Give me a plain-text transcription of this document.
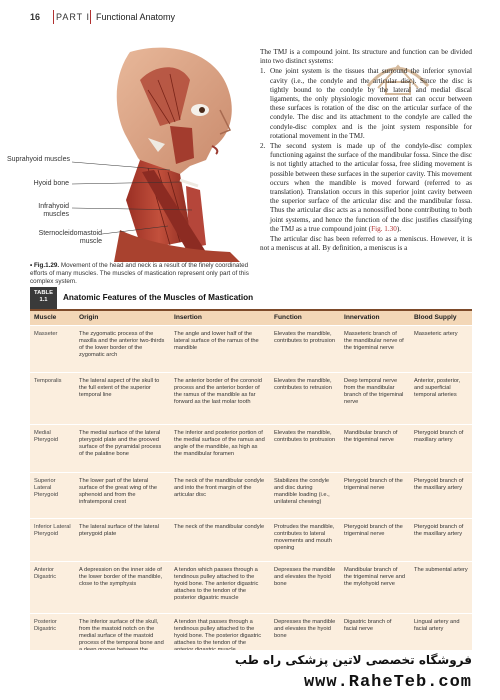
16 PART I Functional Anatomy
Suprahyoid muscles
Hyoid bone
Infrahyoid muscles
Sternocleidomastoid muscle
• Fig.1.29. Movement of the head and neck is a result of the finely coordinated efforts of many muscles. The muscles of mastication represent only part of this complex system.

The TMJ is a compound joint. Its structure and function can be divided into two distinct systems:

1. One joint system is the tissues that surround the inferior synovial cavity (i.e., the condyle and the articular disc). Since the disc is tightly bound to the condyle by the lateral and medial discal ligaments, the only physiologic movement that can occur between these surfaces is rotation of the disc on the articular surface of the condyle. The disc and its attachment to the condyle are called the condyle-disc complex and is the joint system responsible for rotational movement in the TMJ.
2. The second system is made up of the condyle-disc complex functioning against the surface of the mandibular fossa. Since the disc is not tightly attached to the articular fossa, free sliding movement is possible between these surfaces in the superior cavity. This movement occurs when the mandible is moved forward (referred to as translation). Translation occurs in this superior joint cavity between the superior surface of the articular disc and the mandibular fossa. Thus the articular disc acts as a nonossified bone contributing to both joint systems, and hence the function of the disc justifies classifying the TMJ as a true compound joint (Fig. 1.30).

The articular disc has been referred to as a meniscus. However, it is not a meniscus at all. By definition, a meniscus is a

TABLE
1.1	Anatomic Features of the Muscles of Mastication
Muscle	Origin	Insertion	Function	Innervation	Blood Supply
Masseter	The zygomatic process of the maxilla and the anterior two-thirds of the lower border of the zygomatic arch	The angle and lower half of the lateral surface of the ramus of the mandible	Elevates the mandible, contributes to protrusion	Masseteric branch of the mandibular nerve of the trigeminal nerve	Masseteric artery
Temporalis	The lateral aspect of the skull to the full extent of the superior temporal line	The anterior border of the coronoid process and the anterior border of the ramus of the mandible as far forward as the last molar tooth	Elevates the mandible, contributes to retrusion	Deep temporal nerve from the mandibular branch of the trigeminal nerve	Anterior, posterior, and superficial temporal arteries
Medial Pterygoid	The medial surface of the lateral pterygoid plate and the grooved surface of the pyramidal process of the palatine bone	The inferior and posterior portion of the medial surface of the ramus and angle of the mandible, as high as the mandibular foramen	Elevates the mandible, contributes to protrusion	Mandibular branch of the trigeminal nerve	Pterygoid branch of maxillary artery
Superior Lateral Pterygoid	The lower part of the lateral surface of the great wing of the sphenoid and from the infratemporal crest	The neck of the mandibular condyle and into the front margin of the articular disc	Stabilizes the condyle and disc during mandible loading (i.e., unilateral chewing)	Pterygoid branch of the trigeminal nerve	Pterygoid branch of the maxillary artery
Inferior Lateral Pterygoid	The lateral surface of the lateral pterygoid plate	The neck of the mandibular condyle	Protrudes the mandible, contributes to lateral movements and mouth opening	Pterygoid branch of the trigeminal nerve	Pterygoid branch of the maxillary artery
Anterior Digastric	A depression on the inner side of the lower border of the mandible, close to the symphysis	A tendon which passes through a tendinous pulley attached to the hyoid bone. The anterior digastric attaches to the tendon of the posterior digastric muscle	Depresses the mandible and elevates the hyoid bone	Mandibular branch of the trigeminal nerve and the mylohyoid nerve	The submental artery
Posterior Digastric	The inferior surface of the skull, from the mastoid notch on the medial surface of the mastoid process of the temporal bone and	A tendon that passes through a tendinous pulley attached to the hyoid bone. The posterior digastric attaches to the tendon of the	Depresses the mandible and elevates the hyoid bone	Digastric branch of facial nerve	Lingual artery and facial artery
فروشگاه تخصصی لاتین پزشکی راه طب
www.RaheTeb.com
